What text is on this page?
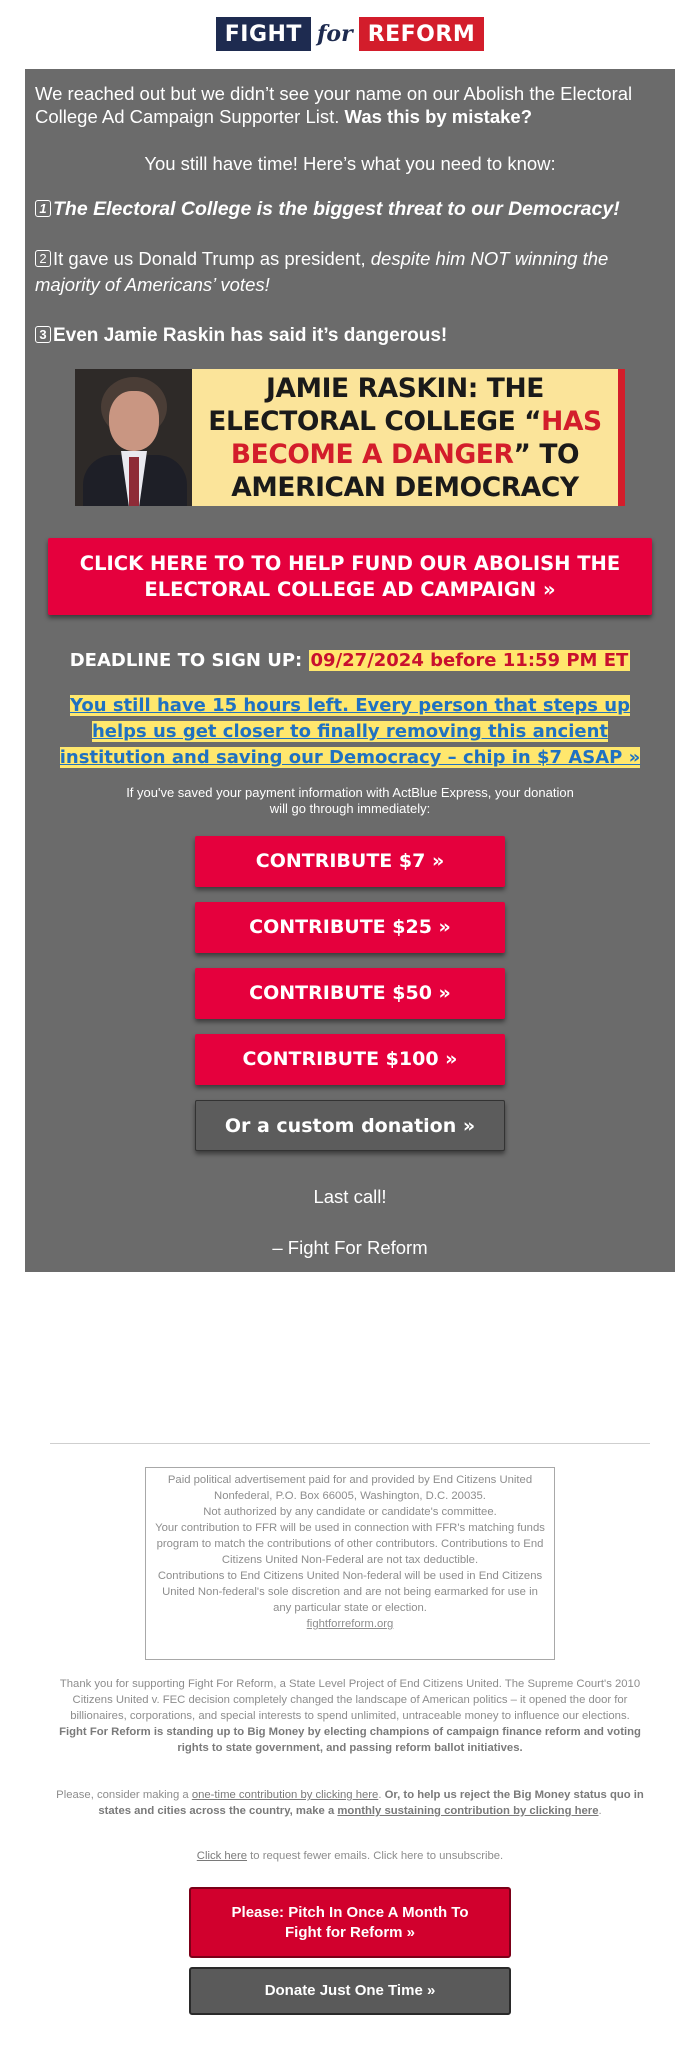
FIGHT for REFORM
We reached out but we didn’t see your name on our Abolish the Electoral College Ad Campaign Supporter List. Was this by mistake?
You still have time! Here’s what you need to know:
1 The Electoral College is the biggest threat to our Democracy!
2 It gave us Donald Trump as president, despite him NOT winning the majority of Americans’ votes!
3 Even Jamie Raskin has said it’s dangerous!
JAMIE RASKIN: THE ELECTORAL COLLEGE “HAS BECOME A DANGER” TO AMERICAN DEMOCRACY
CLICK HERE TO TO HELP FUND OUR ABOLISH THE ELECTORAL COLLEGE AD CAMPAIGN »
DEADLINE TO SIGN UP: 09/27/2024 before 11:59 PM ET
You still have 15 hours left. Every person that steps up helps us get closer to finally removing this ancient institution and saving our Democracy – chip in $7 ASAP »
If you've saved your payment information with ActBlue Express, your donation will go through immediately:
CONTRIBUTE $7 »
CONTRIBUTE $25 »
CONTRIBUTE $50 »
CONTRIBUTE $100 »
Or a custom donation »
Last call!
– Fight For Reform
Paid political advertisement paid for and provided by End Citizens United Nonfederal, P.O. Box 66005, Washington, D.C. 20035.
Not authorized by any candidate or candidate's committee.
Your contribution to FFR will be used in connection with FFR's matching funds program to match the contributions of other contributors. Contributions to End Citizens United Non-Federal are not tax deductible.
Contributions to End Citizens United Non-federal will be used in End Citizens United Non-federal's sole discretion and are not being earmarked for use in any particular state or election.
fightforreform.org
Thank you for supporting Fight For Reform, a State Level Project of End Citizens United. The Supreme Court's 2010 Citizens United v. FEC decision completely changed the landscape of American politics – it opened the door for billionaires, corporations, and special interests to spend unlimited, untraceable money to influence our elections. Fight For Reform is standing up to Big Money by electing champions of campaign finance reform and voting rights to state government, and passing reform ballot initiatives.
Please, consider making a one-time contribution by clicking here. Or, to help us reject the Big Money status quo in states and cities across the country, make a monthly sustaining contribution by clicking here.
Click here to request fewer emails. Click here to unsubscribe.
Please: Pitch In Once A Month To Fight for Reform »
Donate Just One Time »
